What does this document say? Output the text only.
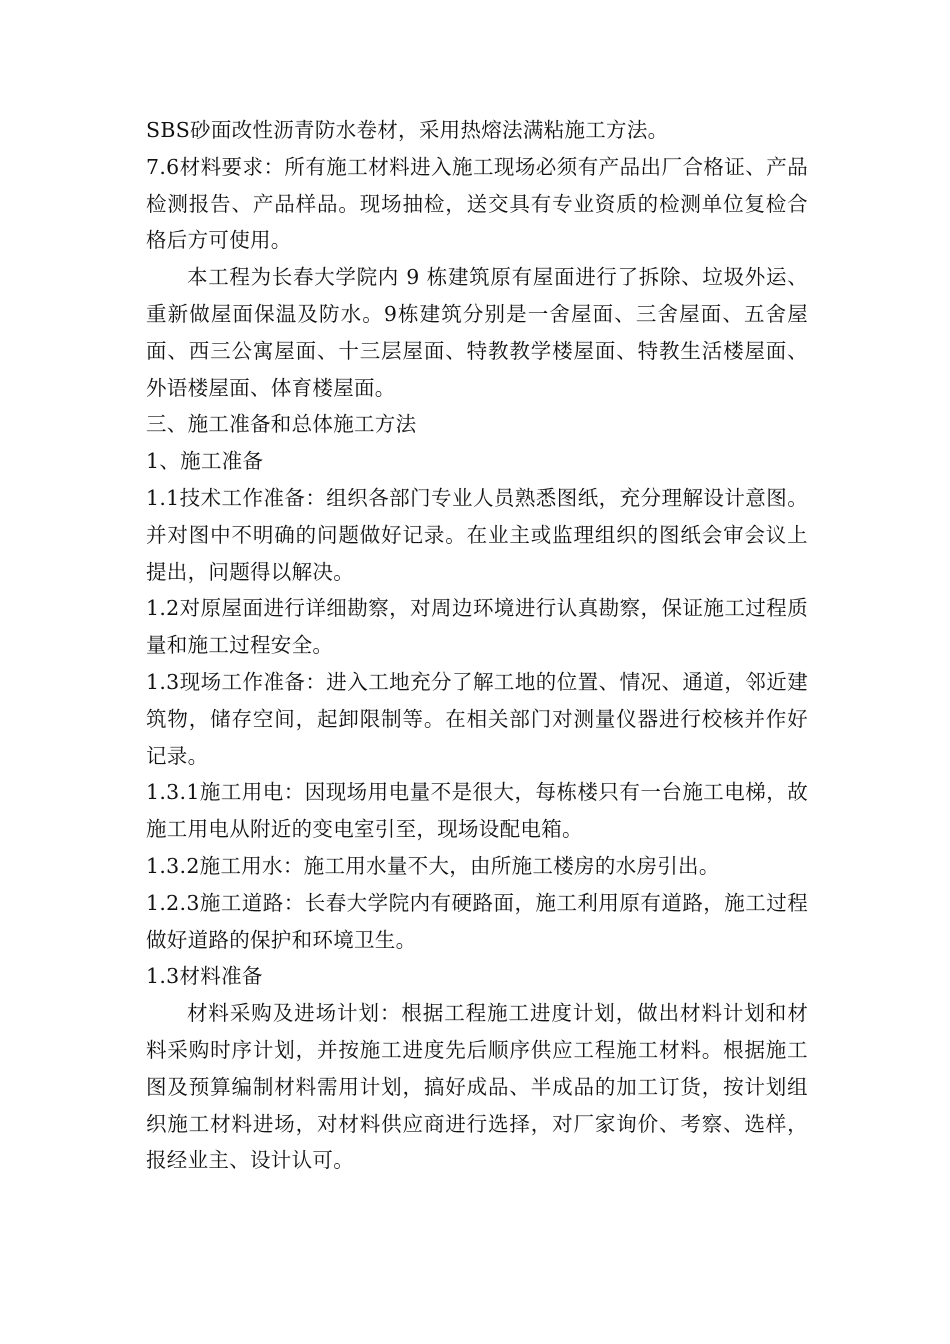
SBS砂面改性沥青防水卷材，采用热熔法满粘施工方法。

7.6材料要求：所有施工材料进入施工现场必须有产品出厂合格证、产品检测报告、产品样品。现场抽检，送交具有专业资质的检测单位复检合格后方可使用。

本工程为长春大学院内 9 栋建筑原有屋面进行了拆除、垃圾外运、重新做屋面保温及防水。9栋建筑分别是一舍屋面、三舍屋面、五舍屋面、西三公寓屋面、十三层屋面、特教教学楼屋面、特教生活楼屋面、外语楼屋面、体育楼屋面。

三、施工准备和总体施工方法

1、施工准备

1.1技术工作准备：组织各部门专业人员熟悉图纸，充分理解设计意图。并对图中不明确的问题做好记录。在业主或监理组织的图纸会审会议上提出，问题得以解决。

1.2对原屋面进行详细勘察，对周边环境进行认真勘察，保证施工过程质量和施工过程安全。

1.3现场工作准备：进入工地充分了解工地的位置、情况、通道，邻近建筑物，储存空间，起卸限制等。在相关部门对测量仪器进行校核并作好记录。

1.3.1施工用电：因现场用电量不是很大，每栋楼只有一台施工电梯，故施工用电从附近的变电室引至，现场设配电箱。

1.3.2施工用水：施工用水量不大，由所施工楼房的水房引出。

1.2.3施工道路：长春大学院内有硬路面，施工利用原有道路，施工过程做好道路的保护和环境卫生。

1.3材料准备

材料采购及进场计划：根据工程施工进度计划，做出材料计划和材料采购时序计划，并按施工进度先后顺序供应工程施工材料。根据施工图及预算编制材料需用计划，搞好成品、半成品的加工订货，按计划组织施工材料进场，对材料供应商进行选择，对厂家询价、考察、选样，报经业主、设计认可。
